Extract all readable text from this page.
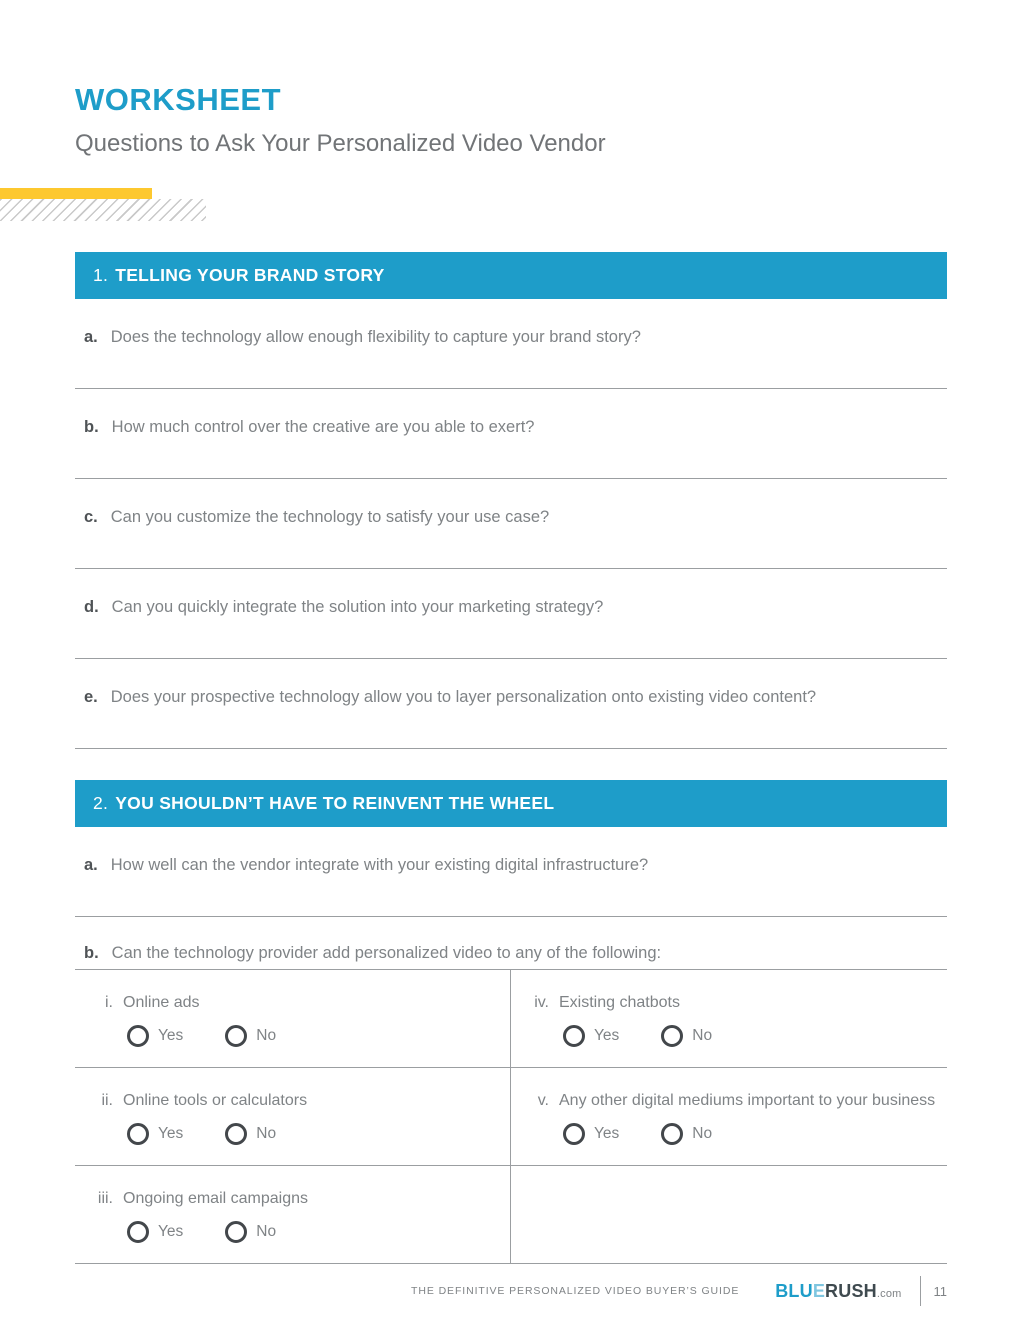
WORKSHEET
Questions to Ask Your Personalized Video Vendor
1. TELLING YOUR BRAND STORY
a. Does the technology allow enough flexibility to capture your brand story?
b. How much control over the creative are you able to exert?
c. Can you customize the technology to satisfy your use case?
d. Can you quickly integrate the solution into your marketing strategy?
e. Does your prospective technology allow you to layer personalization onto existing video content?
2. YOU SHOULDN’T HAVE TO REINVENT THE WHEEL
a. How well can the vendor integrate with your existing digital infrastructure?
b. Can the technology provider add personalized video to any of the following:
i. Online ads
Yes	No
iv. Existing chatbots
Yes	No
ii. Online tools or calculators
Yes	No
v. Any other digital mediums important to your business
Yes	No
iii. Ongoing email campaigns
Yes	No
THE DEFINITIVE PERSONALIZED VIDEO BUYER’S GUIDE BLUERUSH.com 11
